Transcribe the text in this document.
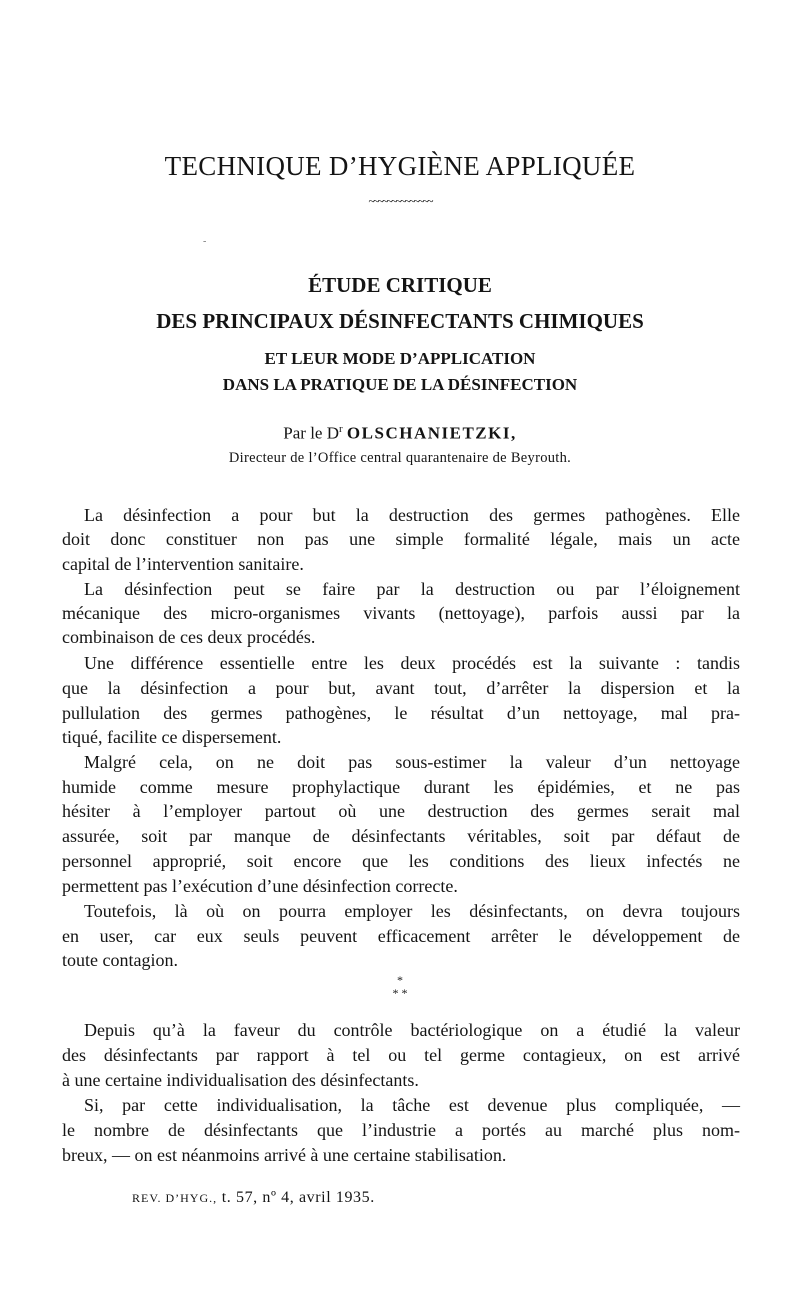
TECHNIQUE D’HYGIÈNE APPLIQUÉE
~~~~~~~~~~~~~~
-
ÉTUDE CRITIQUE
DES PRINCIPAUX DÉSINFECTANTS CHIMIQUES
ET LEUR MODE D’APPLICATION
DANS LA PRATIQUE DE LA DÉSINFECTION
Par le $D^r$ OLSCHANIETZKI,
Directeur de l’Office central quarantenaire de Beyrouth.
La désinfection a pour but la destruction des germes pathogènes. Elle
doit donc constituer non pas une simple formalité légale, mais un acte
capital de l’intervention sanitaire.
La désinfection peut se faire par la destruction ou par l’éloignement
mécanique des micro-organismes vivants (nettoyage), parfois aussi par la
combinaison de ces deux procédés.
Une différence essentielle entre les deux procédés est la suivante : tandis
que la désinfection a pour but, avant tout, d’arrêter la dispersion et la
pullulation des germes pathogènes, le résultat d’un nettoyage, mal pra-
tiqué, facilite ce dispersement.
Malgré cela, on ne doit pas sous-estimer la valeur d’un nettoyage
humide comme mesure prophylactique durant les épidémies, et ne pas
hésiter à l’employer partout où une destruction des germes serait mal
assurée, soit par manque de désinfectants véritables, soit par défaut de
personnel approprié, soit encore que les conditions des lieux infectés ne
permettent pas l’exécution d’une désinfection correcte.
Toutefois, là où on pourra employer les désinfectants, on devra toujours
en user, car eux seuls peuvent efficacement arrêter le développement de
toute contagion.
*
* *
Depuis qu’à la faveur du contrôle bactériologique on a étudié la valeur
des désinfectants par rapport à tel ou tel germe contagieux, on est arrivé
à une certaine individualisation des désinfectants.
Si, par cette individualisation, la tâche est devenue plus compliquée, —
le nombre de désinfectants que l’industrie a portés au marché plus nom-
breux, — on est néanmoins arrivé à une certaine stabilisation.
REV. D’HYG., t. 57, nº 4, avril 1935.
